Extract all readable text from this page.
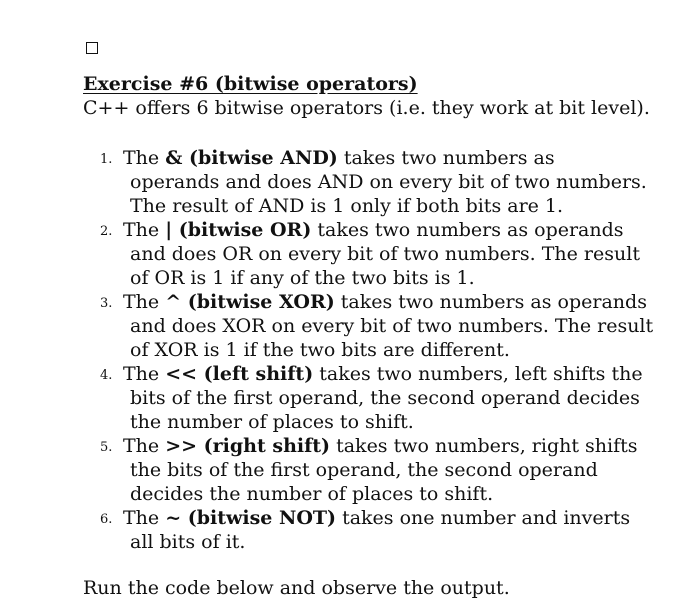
Exercise #6 (bitwise operators)

C++ offers 6 bitwise operators (i.e. they work at bit level).

1. The & (bitwise AND) takes two numbers as
operands and does AND on every bit of two numbers.
The result of AND is 1 only if both bits are 1.
2. The | (bitwise OR) takes two numbers as operands
and does OR on every bit of two numbers. The result
of OR is 1 if any of the two bits is 1.
3. The ^ (bitwise XOR) takes two numbers as operands
and does XOR on every bit of two numbers. The result
of XOR is 1 if the two bits are different.
4. The << (left shift) takes two numbers, left shifts the
bits of the first operand, the second operand decides
the number of places to shift.
5. The >> (right shift) takes two numbers, right shifts
the bits of the first operand, the second operand
decides the number of places to shift.
6. The ~ (bitwise NOT) takes one number and inverts
all bits of it.

Run the code below and observe the output.
